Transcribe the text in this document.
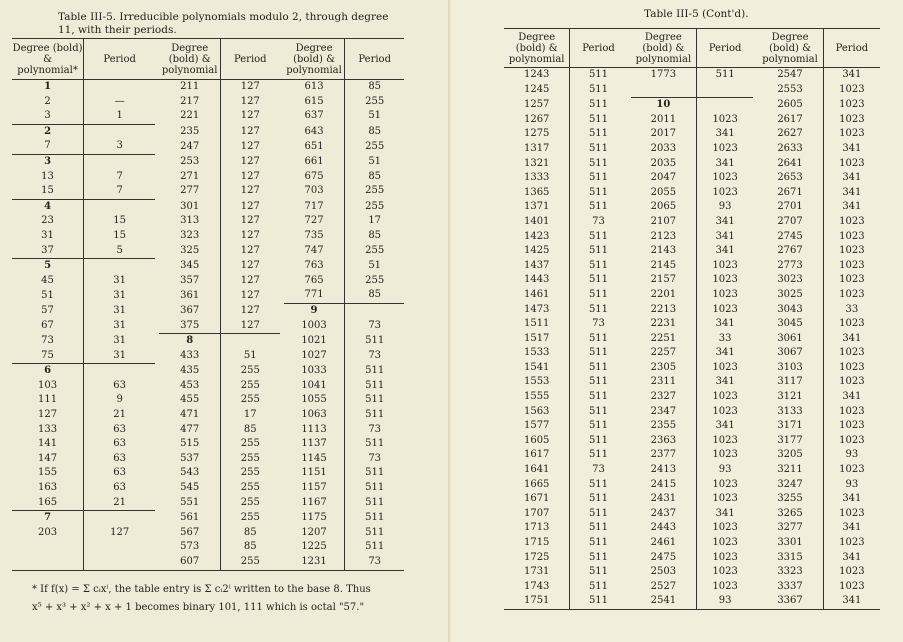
Table III-5. Irreducible polynomials modulo 2, through degree 11, with their periods.
Degree (bold) & polynomial*	Period		Degree (bold) & polynomial	Period		Degree (bold) & polynomial	Period
1			211	127		613	85
2	—		217	127		615	255
3	1		221	127		637	51
2			235	127		643	85
7	3		247	127		651	255
3			253	127		661	51
13	7		271	127		675	85
15	7		277	127		703	255
4			301	127		717	255
23	15		313	127		727	17
31	15		323	127		735	85
37	5		325	127		747	255
5			345	127		763	51
45	31		357	127		765	255
51	31		361	127		771	85
57	31		367	127		9	
67	31		375	127		1003	73
73	31		8			1021	511
75	31		433	51		1027	73
6			435	255		1033	511
103	63		453	255		1041	511
111	9		455	255		1055	511
127	21		471	17		1063	511
133	63		477	85		1113	73
141	63		515	255		1137	511
147	63		537	255		1145	73
155	63		543	255		1151	511
163	63		545	255		1157	511
165	21		551	255		1167	511
7			561	255		1175	511
203	127		567	85		1207	511
			573	85		1225	511
			607	255		1231	73
* If f(x) = Σ cᵢxⁱ, the table entry is Σ cᵢ2ⁱ written to the base 8. Thus
x⁵ + x³ + x² + x + 1 becomes binary 101, 111 which is octal "57."
Table III-5 (Cont'd).
Degree (bold) & polynomial	Period		Degree (bold) & polynomial	Period		Degree (bold) & polynomial	Period
1243	511		1773	511		2547	341
1245	511					2553	1023
1257	511		10			2605	1023
1267	511		2011	1023		2617	1023
1275	511		2017	341		2627	1023
1317	511		2033	1023		2633	341
1321	511		2035	341		2641	1023
1333	511		2047	1023		2653	341
1365	511		2055	1023		2671	341
1371	511		2065	93		2701	341
1401	73		2107	341		2707	1023
1423	511		2123	341		2745	1023
1425	511		2143	341		2767	1023
1437	511		2145	1023		2773	1023
1443	511		2157	1023		3023	1023
1461	511		2201	1023		3025	1023
1473	511		2213	1023		3043	33
1511	73		2231	341		3045	1023
1517	511		2251	33		3061	341
1533	511		2257	341		3067	1023
1541	511		2305	1023		3103	1023
1553	511		2311	341		3117	1023
1555	511		2327	1023		3121	341
1563	511		2347	1023		3133	1023
1577	511		2355	341		3171	1023
1605	511		2363	1023		3177	1023
1617	511		2377	1023		3205	93
1641	73		2413	93		3211	1023
1665	511		2415	1023		3247	93
1671	511		2431	1023		3255	341
1707	511		2437	341		3265	1023
1713	511		2443	1023		3277	341
1715	511		2461	1023		3301	1023
1725	511		2475	1023		3315	341
1731	511		2503	1023		3323	1023
1743	511		2527	1023		3337	1023
1751	511		2541	93		3367	341
